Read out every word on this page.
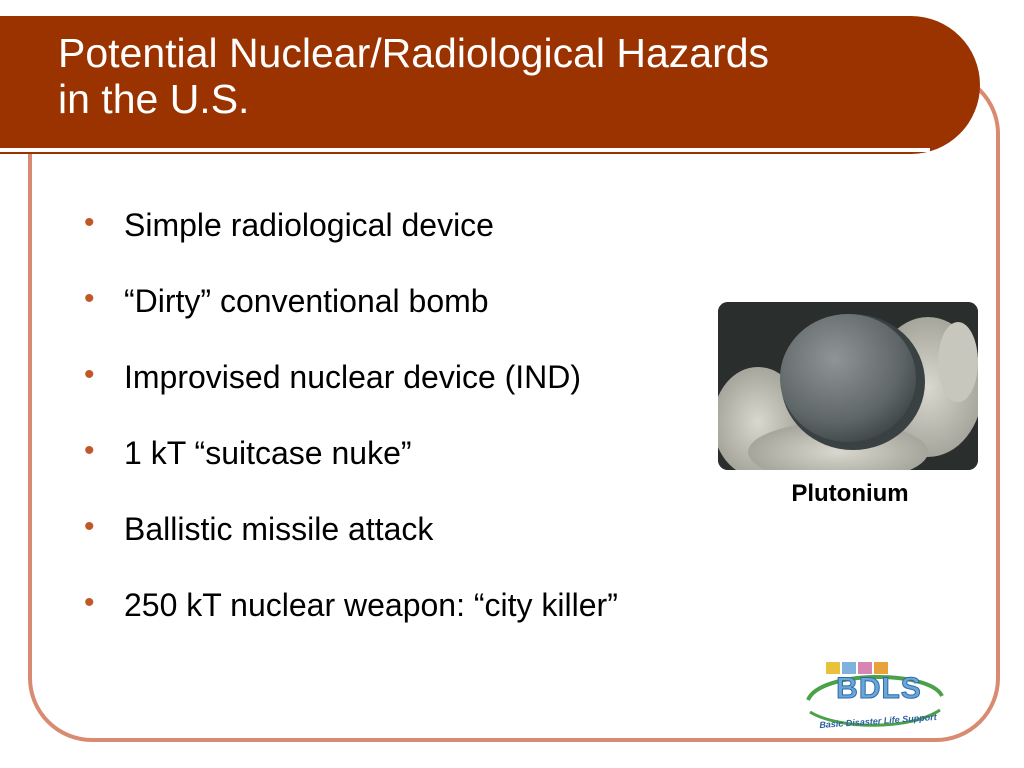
Potential Nuclear/Radiological Hazards
in the U.S.
• Simple radiological device
• “Dirty” conventional bomb
• Improvised nuclear device (IND)
• 1 kT “suitcase nuke”
• Ballistic missile attack
• 250 kT nuclear weapon: “city killer”
Plutonium
BDLS
Basic Disaster Life Support
